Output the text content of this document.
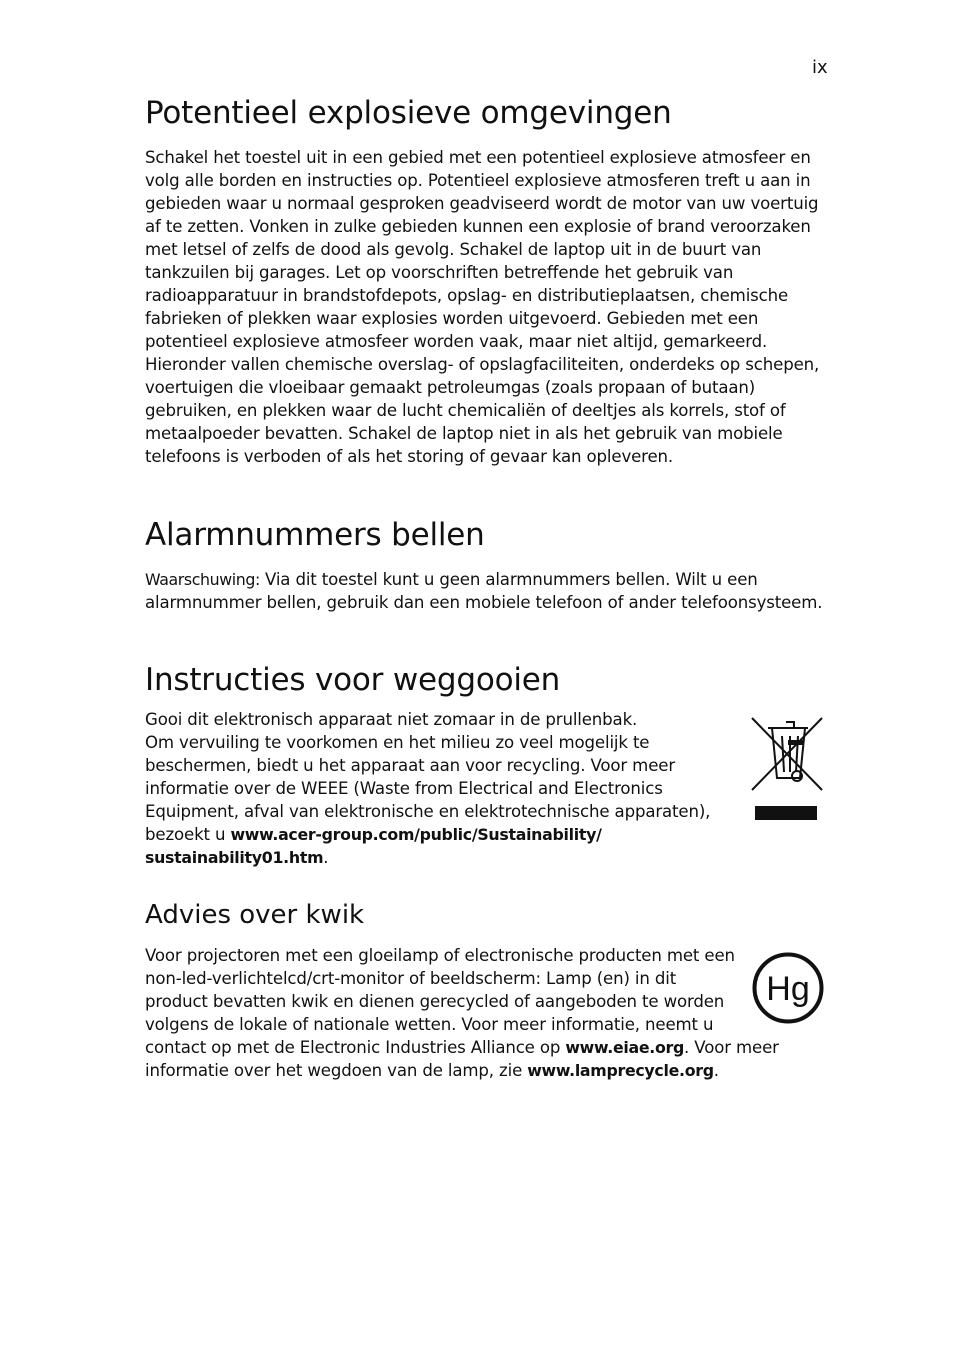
ix
Potentieel explosieve omgevingen

Schakel het toestel uit in een gebied met een potentieel explosieve atmosfeer en volg alle borden en instructies op. Potentieel explosieve atmosferen treft u aan in gebieden waar u normaal gesproken geadviseerd wordt de motor van uw voertuig af te zetten. Vonken in zulke gebieden kunnen een explosie of brand veroorzaken met letsel of zelfs de dood als gevolg. Schakel de laptop uit in de buurt van tankzuilen bij garages. Let op voorschriften betreffende het gebruik van radioapparatuur in brandstofdepots, opslag- en distributieplaatsen, chemische fabrieken of plekken waar explosies worden uitgevoerd. Gebieden met een potentieel explosieve atmosfeer worden vaak, maar niet altijd, gemarkeerd. Hieronder vallen chemische overslag- of opslagfaciliteiten, onderdeks op schepen, voertuigen die vloeibaar gemaakt petroleumgas (zoals propaan of butaan) gebruiken, en plekken waar de lucht chemicaliën of deeltjes als korrels, stof of metaalpoeder bevatten. Schakel de laptop niet in als het gebruik van mobiele telefoons is verboden of als het storing of gevaar kan opleveren.

Alarmnummers bellen

Waarschuwing: Via dit toestel kunt u geen alarmnummers bellen. Wilt u een alarmnummer bellen, gebruik dan een mobiele telefoon of ander telefoonsysteem.

Instructies voor weggooien

Gooi dit elektronisch apparaat niet zomaar in de prullenbak.
Om vervuiling te voorkomen en het milieu zo veel mogelijk te beschermen, biedt u het apparaat aan voor recycling. Voor meer informatie over de WEEE (Waste from Electrical and Electronics Equipment, afval van elektronische en elektrotechnische apparaten), bezoekt u www.acer-group.com/public/Sustainability/ sustainability01.htm.

Advies over kwik

Voor projectoren met een gloeilamp of electronische producten met een non-led-verlichtelcd/crt-monitor of beeldscherm: Lamp (en) in dit product bevatten kwik en dienen gerecycled of aangeboden te worden volgens de lokale of nationale wetten. Voor meer informatie, neemt u contact op met de Electronic Industries Alliance op www.eiae.org. Voor meer informatie over het wegdoen van de lamp, zie www.lamprecycle.org.

Hg
